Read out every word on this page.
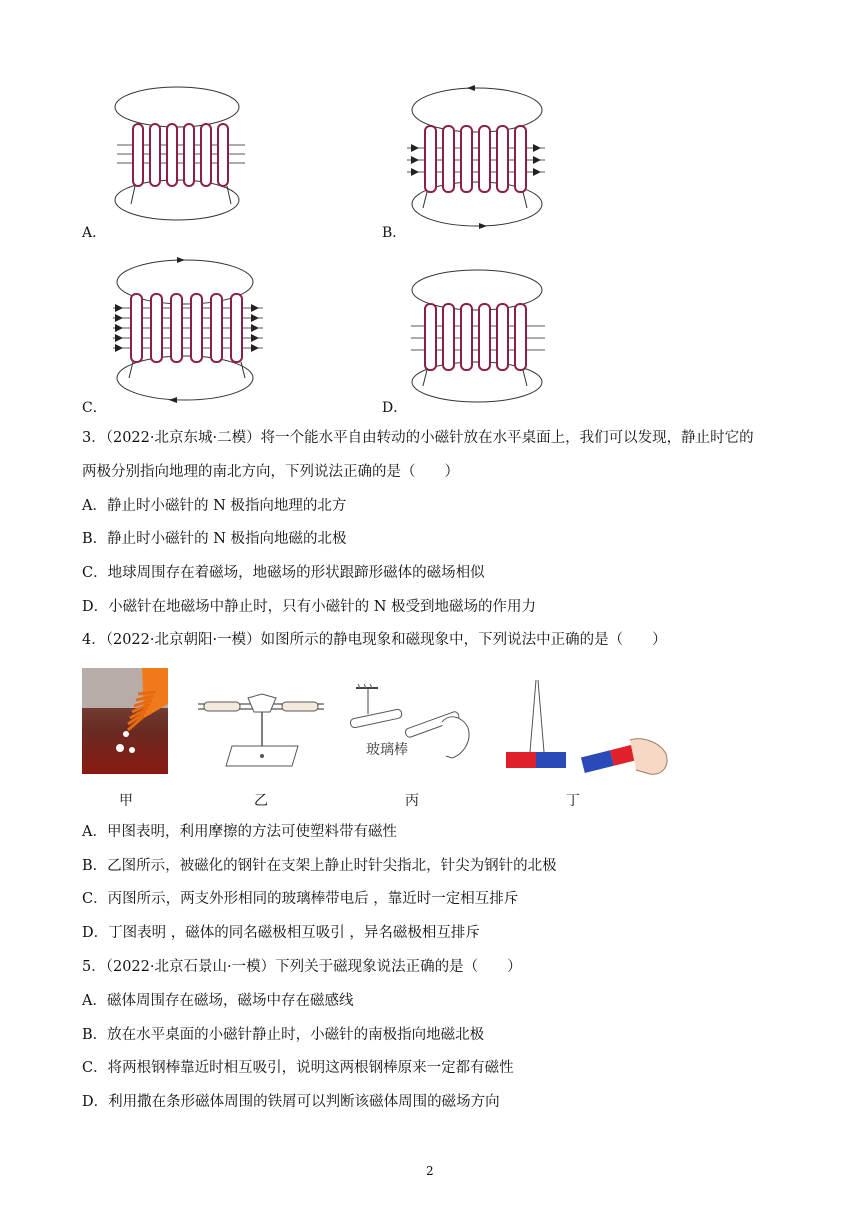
A．	B．
C．	D．
3．（2022·北京东城·二模）将一个能水平自由转动的小磁针放在水平桌面上，我们可以发现，静止时它的
两极分别指向地理的南北方向，下列说法正确的是（　　）
A．静止时小磁针的 N 极指向地理的北方
B．静止时小磁针的 N 极指向地磁的北极
C．地球周围存在着磁场，地磁场的形状跟蹄形磁体的磁场相似
D．小磁针在地磁场中静止时，只有小磁针的 N 极受到地磁场的作用力
4．（2022·北京朝阳·一模）如图所示的静电现象和磁现象中，下列说法中正确的是（　　）
玻璃棒
甲	乙	丙	丁
A．甲图表明，利用摩擦的方法可使塑料带有磁性
B．乙图所示，被磁化的钢针在支架上静止时针尖指北，针尖为钢针的北极
C．丙图所示，两支外形相同的玻璃棒带电后 ，靠近时一定相互排斥
D．丁图表明 ，磁体的同名磁极相互吸引 ，异名磁极相互排斥
5．（2022·北京石景山·一模）下列关于磁现象说法正确的是（　　）
A．磁体周围存在磁场，磁场中存在磁感线
B．放在水平桌面的小磁针静止时，小磁针的南极指向地磁北极
C．将两根钢棒靠近时相互吸引，说明这两根钢棒原来一定都有磁性
D．利用撒在条形磁体周围的铁屑可以判断该磁体周围的磁场方向
2
